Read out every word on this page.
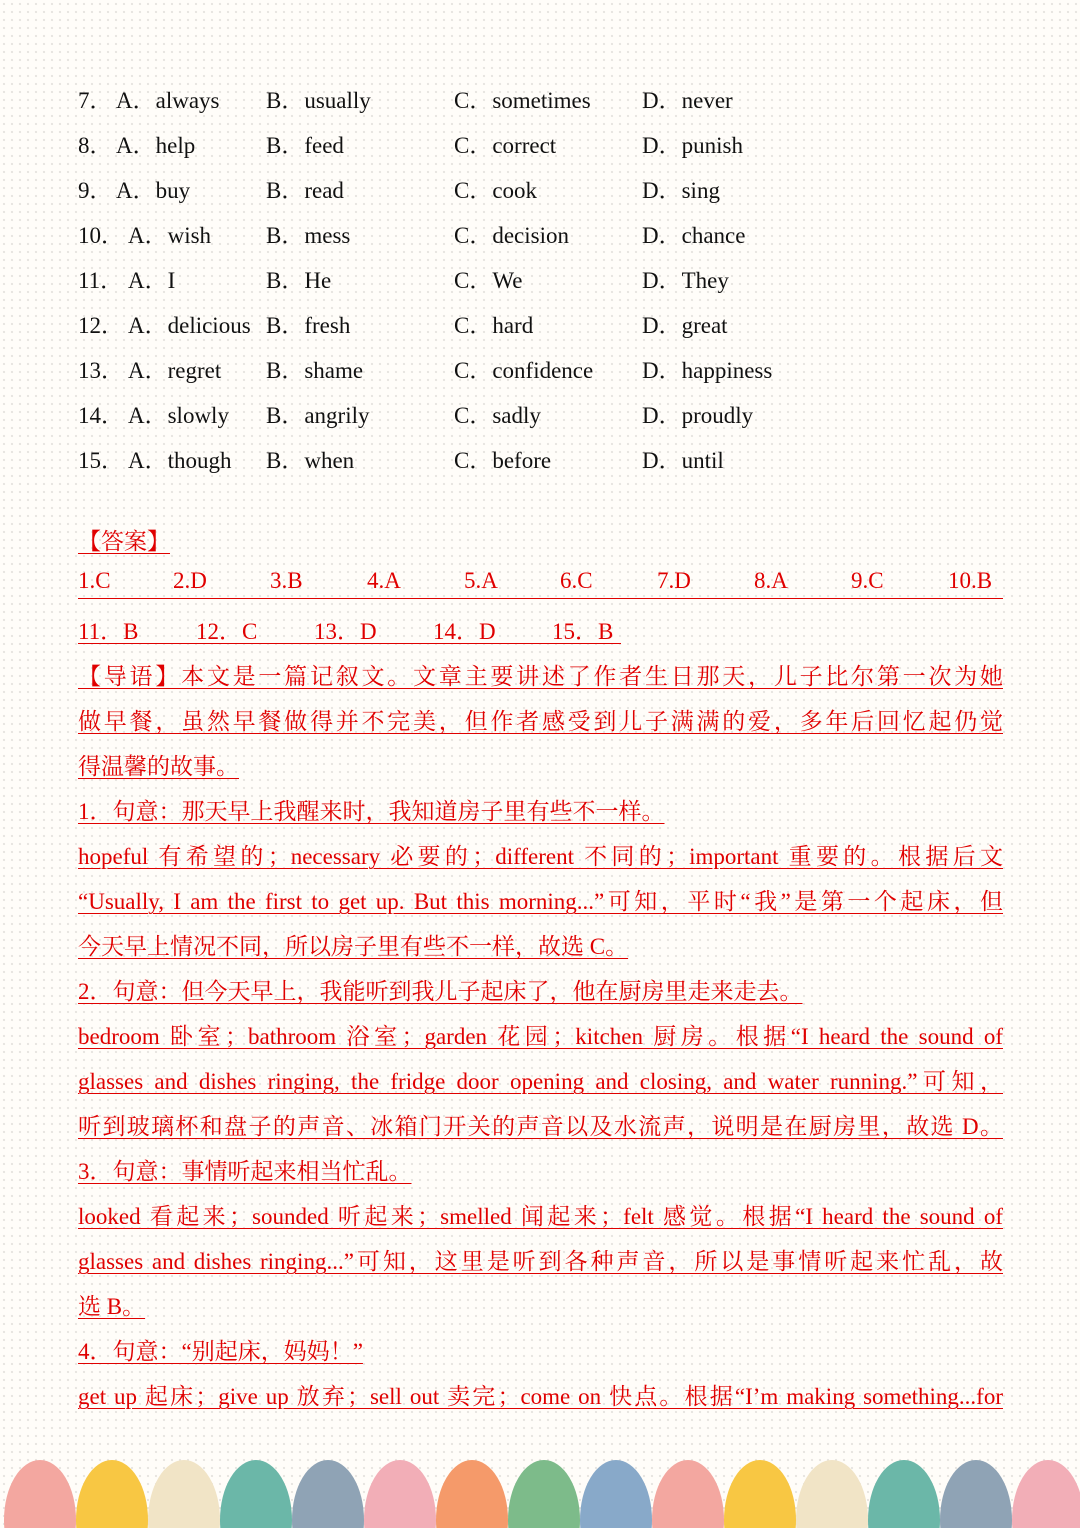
7． A．always B．usually	C．sometimes D．never
8． A．help	B．feed	C．correct	D．punish
9． A．buy	B．read	C．cook	D．sing
10． A．wish B．mess	C．decision	D．chance
11． A．I	B．He	C．We	D．They
12． A．delicious B．fresh	C．hard	D．great
13． A．regret B．shame	C．confidence D．happiness
14． A．slowly B．angrily	C．sadly	D．proudly
15． A．though B．when	C．before	D．until
【答案】
1.C	2.D	3.B	4.A	5.A	6.C	7.D	8.A	9.C	10.B
11．B	12．C 13．D 14．D 15．B
【导语】本文是一篇记叙文。文章主要讲述了作者生日那天，儿子比尔第一次为她
做早餐，虽然早餐做得并不完美，但作者感受到儿子满满的爱，多年后回忆起仍觉
得温馨的故事。
1．句意：那天早上我醒来时，我知道房子里有些不一样。
hopeful 有希望的；necessary 必要的；different 不同的；important 重要的。根据后文
“Usually, I am the first to get up. But this morning...”可知，平时“我”是第一个起床，但
今天早上情况不同，所以房子里有些不一样，故选 C。
2．句意：但今天早上，我能听到我儿子起床了，他在厨房里走来走去。
bedroom 卧室；bathroom 浴室；garden 花园；kitchen 厨房。根据“I heard the sound of
glasses and dishes ringing, the fridge door opening and closing, and water running.”可知，
听到玻璃杯和盘子的声音、冰箱门开关的声音以及水流声，说明是在厨房里，故选 D。
3．句意：事情听起来相当忙乱。
looked 看起来；sounded 听起来；smelled 闻起来；felt 感觉。根据“I heard the sound of
glasses and dishes ringing...”可知，这里是听到各种声音，所以是事情听起来忙乱，故
选 B。
4．句意：“别起床，妈妈！”
get up 起床；give up 放弃；sell out 卖完；come on 快点。根据“I’m making something...for
